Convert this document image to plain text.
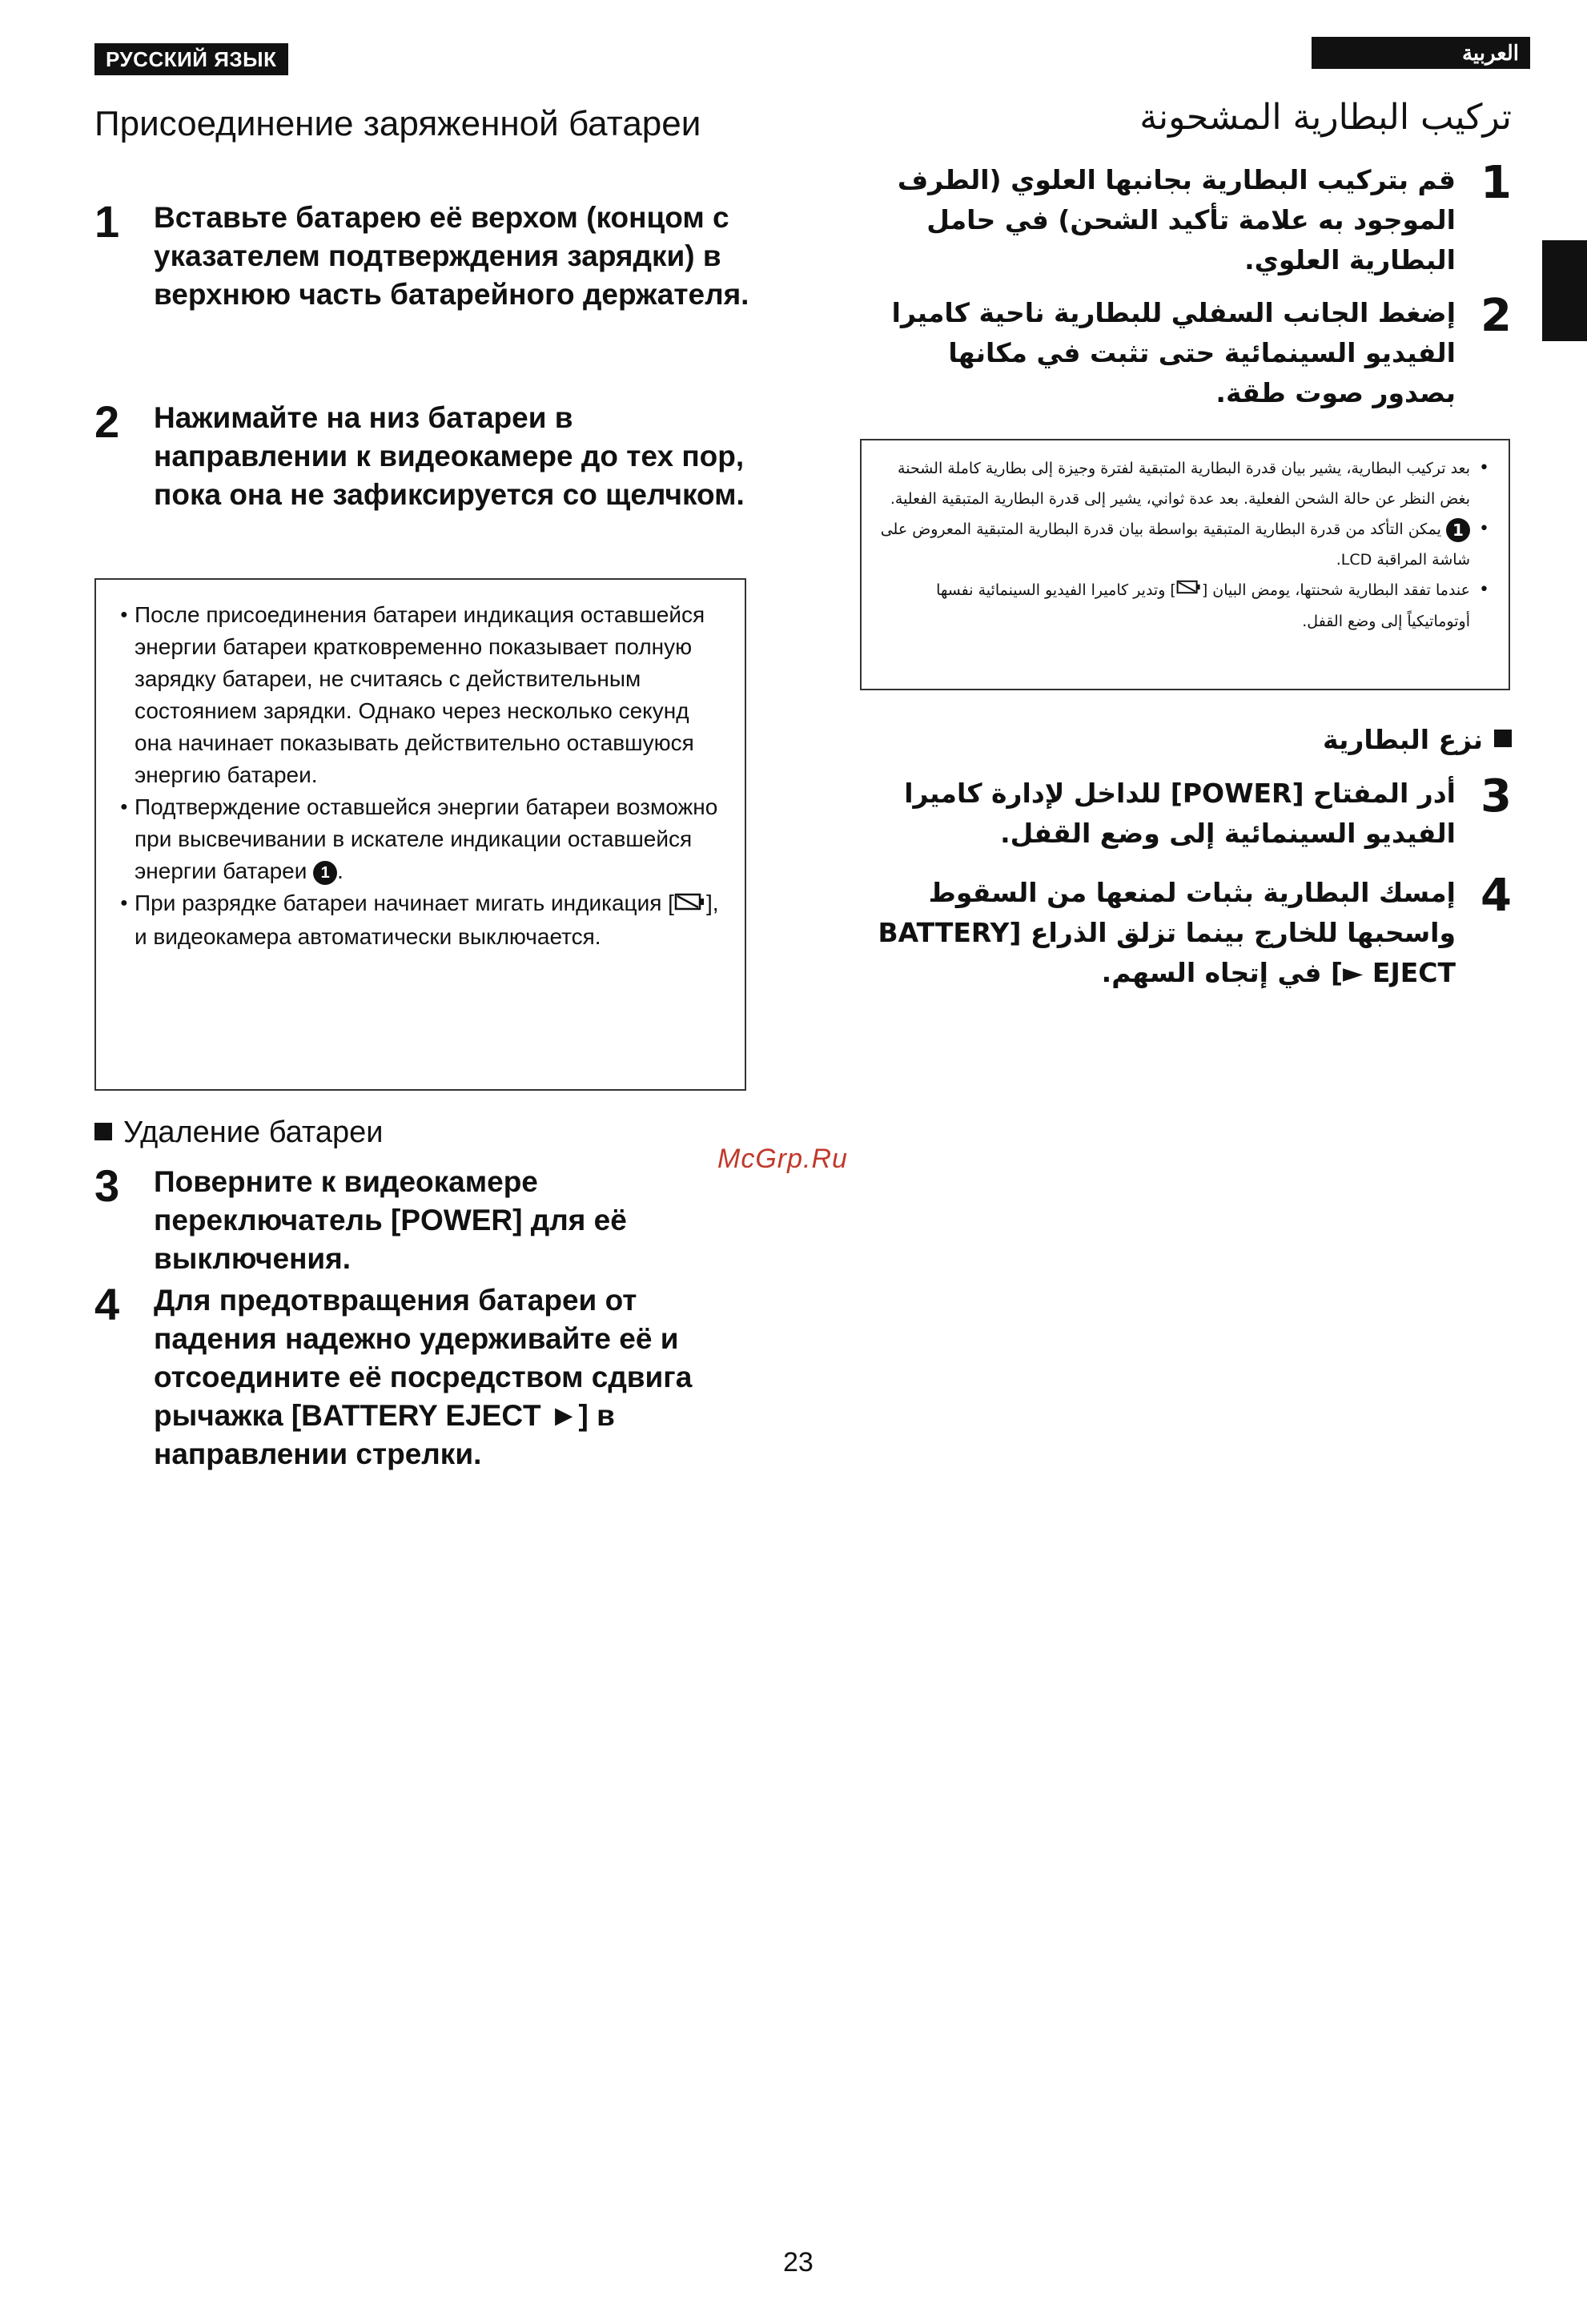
РУССКИЙ ЯЗЫК	العربية
Присоединение заряженной батареи
1 Вставьте батарею её верхом (концом с указателем подтверждения зарядки) в верхнюю часть батарейного держателя.
2 Нажимайте на низ батареи в направлении к видеокамере до тех пор, пока она не зафиксируется со щелчком.
● После присоединения батареи индикация оставшейся энергии батареи кратковременно показывает полную зарядку батареи, не считаясь с действительным состоянием зарядки. Однако через несколько секунд она начинает показывать действительно оставшуюся энергию батареи.
● Подтверждение оставшейся энергии батареи возможно при высвечивании в искателе индикации оставшейся энергии батареи 1 .
● При разрядке батареи начинает мигать индикация [ ], и видеокамера автоматически выключается.
Удаление батареи
3 Поверните к видеокамере переключатель [POWER] для её выключения.
4 Для предотвращения батареи от падения надежно удерживайте её и отсоедините её посредством сдвига рычажка [BATTERY EJECT ►] в направлении стрелки.
تركيب البطارية المشحونة
1
قم بتركيب البطارية بجانبها العلوي (الطرف الموجود به علامة تأكيد الشحن) في حامل البطارية العلوي.
2
إضغط الجانب السفلي للبطارية ناحية كاميرا الفيديو السينمائية حتى تثبت في مكانها بصدور صوت طقة.
• بعد تركيب البطارية، يشير بيان قدرة البطارية المتبقية لفترة وجيزة إلى بطارية كاملة الشحنة بغض النظر عن حالة الشحن الفعلية. بعد عدة ثواني، يشير إلى قدرة البطارية المتبقية الفعلية.
• 1 يمكن التأكد من قدرة البطارية المتبقية بواسطة بيان قدرة البطارية المتبقية المعروض على شاشة المراقبة LCD.
• عندما تفقد البطارية شحنتها، يومض البيان [] وتدير كاميرا الفيديو السينمائية نفسها أوتوماتيكياً إلى وضع القفل.
نزع البطارية
3
أدر المفتاح [POWER] للداخل لإدارة كاميرا الفيديو السينمائية إلى وضع القفل.
4
إمسك البطارية بثبات لمنعها من السقوط واسحبها للخارج بينما تزلق الذراع [BATTERY EJECT ►] في إتجاه السهم.
McGrp.Ru
23
